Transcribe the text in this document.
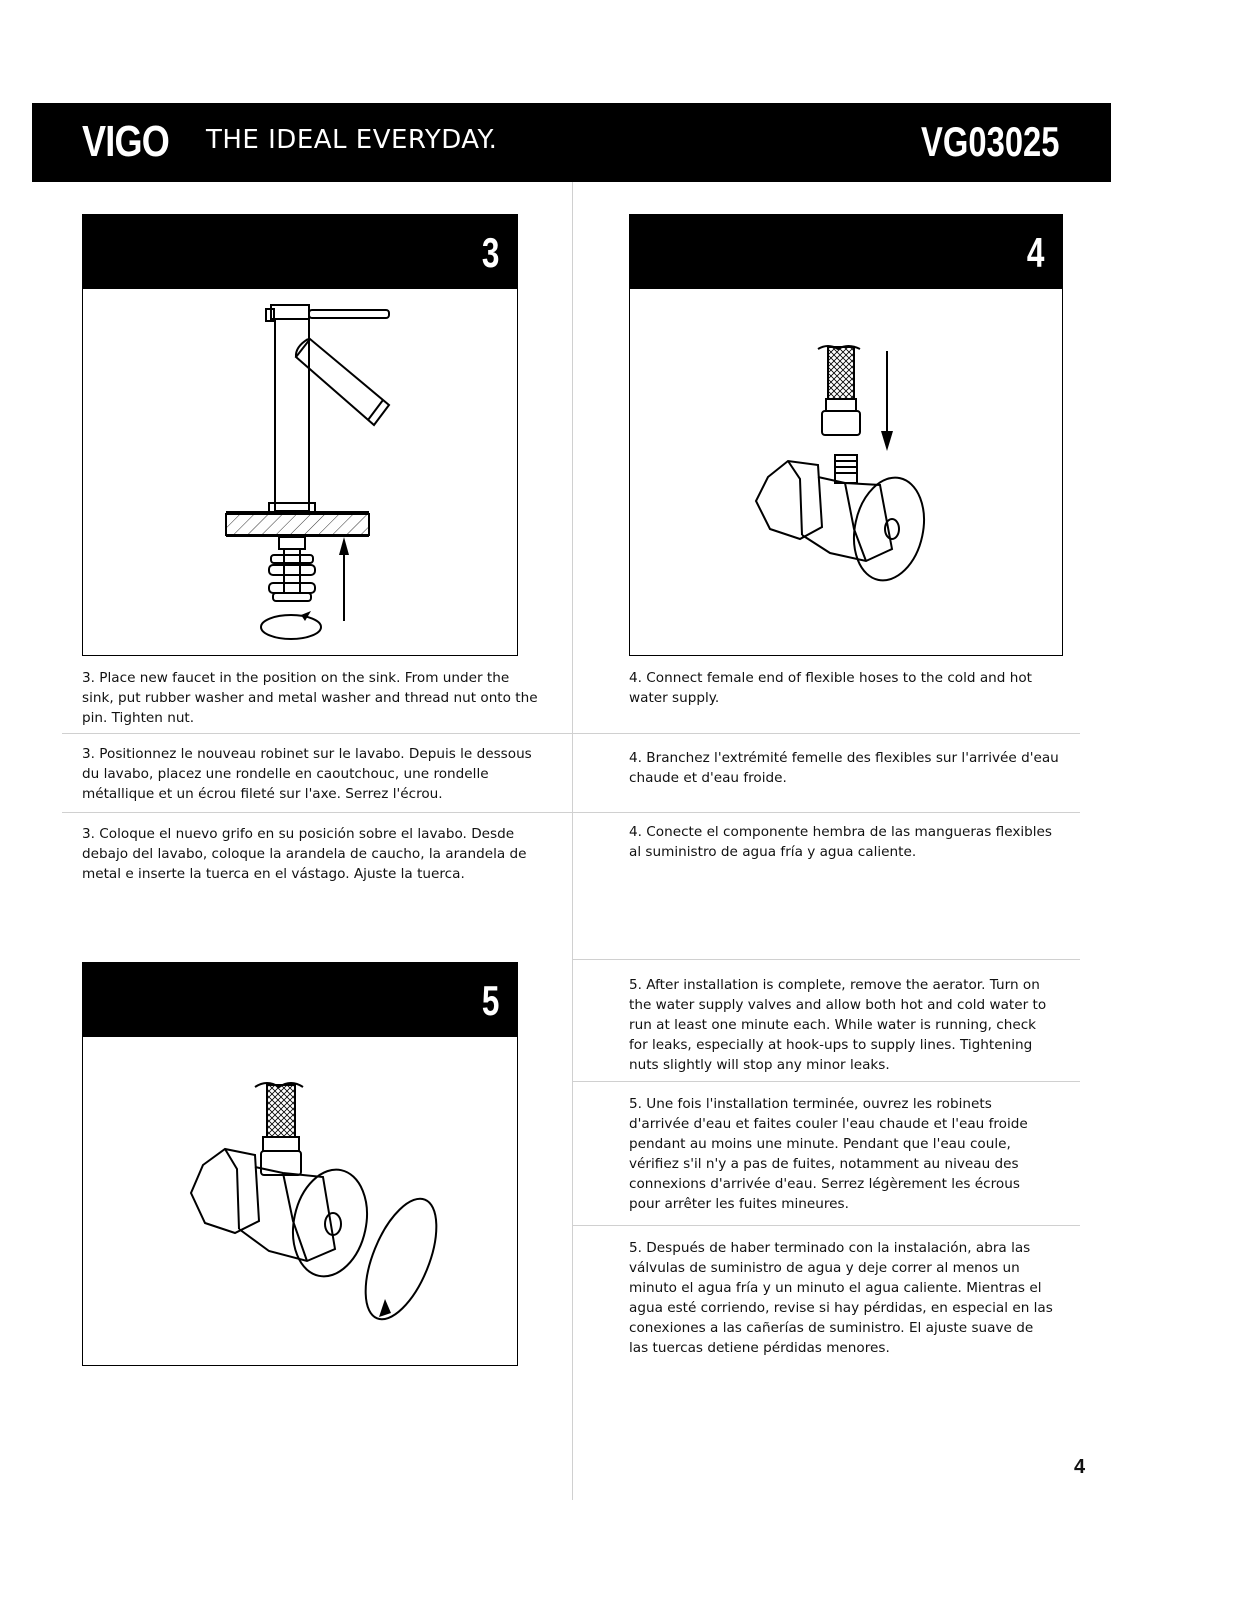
VIGO THE IDEAL EVERYDAY.	VG03025
3	4
5

3. Place new faucet in the position on the sink. From under the sink, put rubber washer and metal washer and thread nut onto the pin. Tighten nut.

3. Positionnez le nouveau robinet sur le lavabo. Depuis le dessous du lavabo, placez une rondelle en caoutchouc, une rondelle métallique et un écrou fileté sur l'axe. Serrez l'écrou.

3. Coloque el nuevo grifo en su posición sobre el lavabo. Desde debajo del lavabo, coloque la arandela de caucho, la arandela de metal e inserte la tuerca en el vástago. Ajuste la tuerca.

4. Connect female end of flexible hoses to the cold and hot water supply.

4. Branchez l'extrémité femelle des flexibles sur l'arrivée d'eau chaude et d'eau froide.

4. Conecte el componente hembra de las mangueras flexibles al suministro de agua fría y agua caliente.

5. After installation is complete, remove the aerator. Turn on the water supply valves and allow both hot and cold water to run at least one minute each. While water is running, check for leaks, especially at hook-ups to supply lines. Tightening nuts slightly will stop any minor leaks.

5. Une fois l'installation terminée, ouvrez les robinets d'arrivée d'eau et faites couler l'eau chaude et l'eau froide pendant au moins une minute. Pendant que l'eau coule, vérifiez s'il n'y a pas de fuites, notamment au niveau des connexions d'arrivée d'eau. Serrez légèrement les écrous pour arrêter les fuites mineures.

5. Después de haber terminado con la instalación, abra las válvulas de suministro de agua y deje correr al menos un minuto el agua fría y un minuto el agua caliente. Mientras el agua esté corriendo, revise si hay pérdidas, en especial en las conexiones a las cañerías de suministro. El ajuste suave de las tuercas detiene pérdidas menores.

4
